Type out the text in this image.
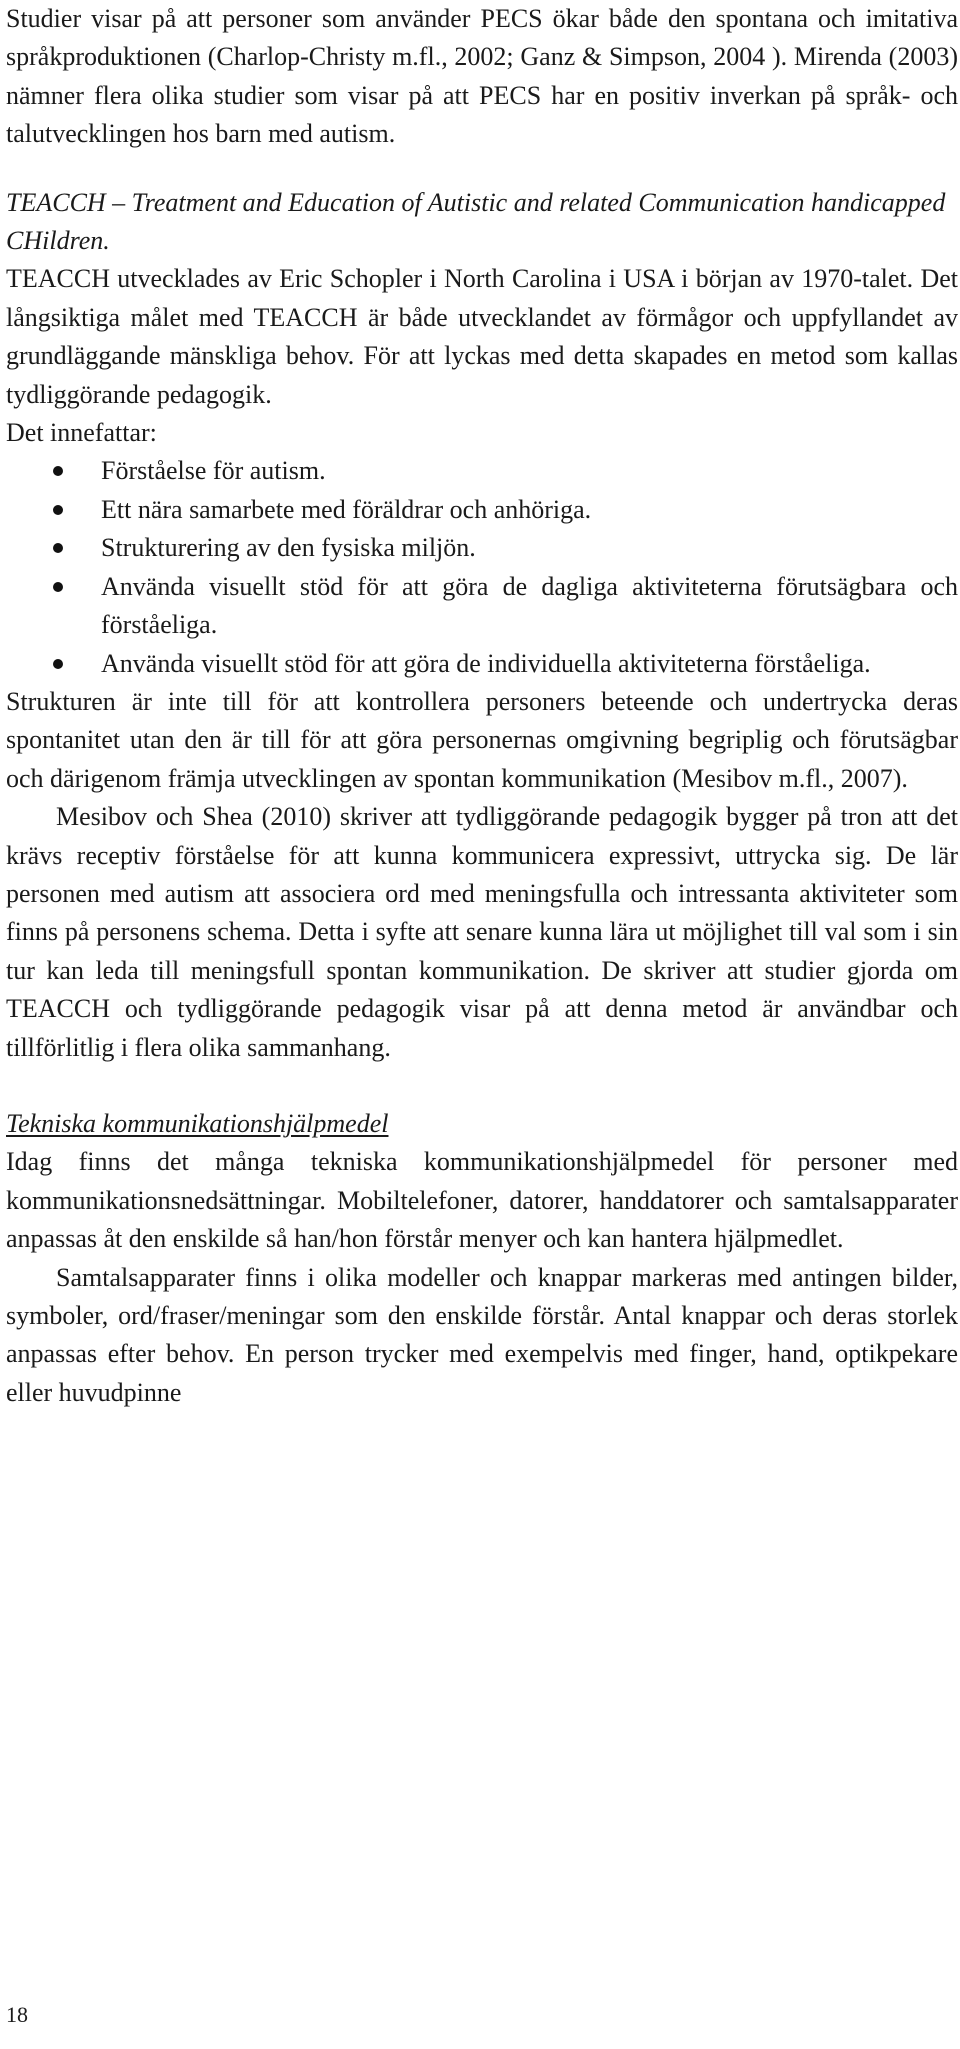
Studier visar på att personer som använder PECS ökar både den spontana och imitativa språkproduktionen (Charlop-Christy m.fl., 2002; Ganz & Simpson, 2004 ). Mirenda (2003) nämner flera olika studier som visar på att PECS har en positiv inverkan på språk- och talutvecklingen hos barn med autism.

TEACCH – Treatment and Education of Autistic and related Communication handicapped CHildren.

TEACCH utvecklades av Eric Schopler i North Carolina i USA i början av 1970-talet. Det långsiktiga målet med TEACCH är både utvecklandet av förmågor och uppfyllandet av grundläggande mänskliga behov. För att lyckas med detta skapades en metod som kallas tydliggörande pedagogik.

Det innefattar:

Förståelse för autism.
Ett nära samarbete med föräldrar och anhöriga.
Strukturering av den fysiska miljön.
Använda visuellt stöd för att göra de dagliga aktiviteterna förutsägbara och förståeliga.
Använda visuellt stöd för att göra de individuella aktiviteterna förståeliga.

Strukturen är inte till för att kontrollera personers beteende och undertrycka deras spontanitet utan den är till för att göra personernas omgivning begriplig och förutsägbar och därigenom främja utvecklingen av spontan kommunikation (Mesibov m.fl., 2007).

Mesibov och Shea (2010) skriver att tydliggörande pedagogik bygger på tron att det krävs receptiv förståelse för att kunna kommunicera expressivt, uttrycka sig. De lär personen med autism att associera ord med meningsfulla och intressanta aktiviteter som finns på personens schema. Detta i syfte att senare kunna lära ut möjlighet till val som i sin tur kan leda till meningsfull spontan kommunikation. De skriver att studier gjorda om TEACCH och tydliggörande pedagogik visar på att denna metod är användbar och tillförlitlig i flera olika sammanhang.

Tekniska kommunikationshjälpmedel

Idag finns det många tekniska kommunikationshjälpmedel för personer med kommunikationsnedsättningar. Mobiltelefoner, datorer, handdatorer och samtalsapparater anpassas åt den enskilde så han/hon förstår menyer och kan hantera hjälpmedlet.

Samtalsapparater finns i olika modeller och knappar markeras med antingen bilder, symboler, ord/fraser/meningar som den enskilde förstår. Antal knappar och deras storlek anpassas efter behov. En person trycker med exempelvis med finger, hand, optikpekare eller huvudpinne

18
